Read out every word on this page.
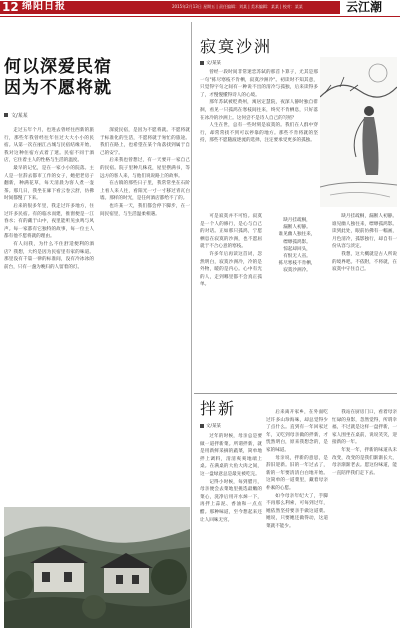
12 绵阳日报	2015年2月13日 星期五 | 责任编辑：刘某 | 美术编辑：某某 | 校对：某某	云江潮
何以深爱民宿
因为不愿将就
文/某某

走过五年个月，也进去曾经往西新的旅行，那些年我曾经往年住过大大小小的民宿。从第一次在丽江古城与民宿结缘开始，我对这种住宿方式着了迷。民宿不同于酒店，它住着主人的性格与生活的温度。

最早的记忆，是在一家小小的院落。主人是一位辞去都市工作的女子，她把老房子翻新，种满花草，每天清晨为客人煮一壶茶。那几日，我坐在廊下看云卷云舒，仿佛时间都慢了下来。

后来的很多年里，我走过许多地方，住过许多民宿。有的临水而建，推窗便是一江春水；有的藏于山中，夜里能听见虫鸣与风声。每一家都有它独特的故事，每一位主人都有他不愿将就的理由。

有人问我，为什么不住舒适便利的酒店？我想，大约是因为民宿里有家的味道。那里没有千篇一律的标准间，没有冷冰冰的前台，只有一盏为晚归的人留着的灯。

深爱民宿，是因为不愿将就。不愿将就于标准化的生活，不愿将就于匆忙的旅途。我们在路上，也希望在某个角落找到属于自己的安宁。

后来我也曾想过，有一天要开一家自己的民宿。院子里种几株花，屋里摆满书，等远方的客人来，与他们说说路上的故事。

在古镇的那些日子里，我常常坐在石阶上看人来人往，看阳光一寸一寸移过青瓦白墙。那样的时光，是任何酒店都给不了的。

也许某一天，我们都会停下脚步，在一间民宿里，与生活温柔相遇。

寂寞沙洲
文/某某

曾经一段时间非常迷恋苏轼的那首卜算子，尤其是那一句"拣尽寒枝不肯栖，寂寞沙洲冷"。初读时不知其意，只觉得字句之间有一种说不出的清冷与孤独，后来读得多了，才慢慢懂得诗人的心境。

那年苏轼被贬黄州，寓居定慧院，夜深人静时独自徘徊，看见一只孤鸿在寒枝间往来，终究不肯栖息，只好落在冰冷的沙洲上。这何尝不是诗人自己的写照？

人生在世，总有一些时刻是寂寞的。我们在人群中穿行，却常常找不到可以停靠的地方。那些不肯将就的坚持，那些不愿随波逐流的选择，注定要承受更多的孤独。

可是寂寞并不可怕。寂寞是一个人的修行，是心与自己的对话。正如那只孤鸿，宁愿栖息在寂寞的沙洲，也不愿屈就于不合心意的寒枝。

许多年后再读这首词，忽然明白，寂寞沙洲冷，冷的是外物，暖的是内心。心中有光的人，走到哪里都不会真正孤单。

缺月挂疏桐，
漏断人初静。
谁见幽人独往来，
缥缈孤鸿影。
惊起却回头，
有恨无人省。
拣尽寒枝不肯栖，
寂寞沙洲冷。

缺月挂疏桐，漏断人初静。谁见幽人独往来，缥缈孤鸿影。读到此处，眼前仿佛有一幅画，月色清冷，孤影独行，却自有一份从容与淡定。

我想，这大概就是古人所说的境界吧。不依附，不将就，在寂寞中守住自己。

拌新
文/某某

过年的时候，母亲总是要做一道拌新菜。所谓拌新，就是用新鲜采摘的蔬菜，简单地拌上调料，清清爽爽地端上桌。在满桌的大鱼大肉之间，这一盘绿意总是最先被吃完。

记得小时候，每到腊月，母亲便会去菜地里挑选最嫩的菜心，洗净后用开水焯一下，再拌上蒜泥、香油和一点点醋。那种味道，至今想起来还让人回味无穷。

后来离开家乡，在外面吃过许多山珍海味，却总觉得少了点什么。直到有一年回家过年，又吃到母亲做的拌新，才恍然明白，原来我想念的，是家的味道。

母亲说，拌新的意思，是辞旧迎新。旧的一年过去了，新的一年要清清白白地开始。这简单的一道菜里，藏着母亲朴素的心愿。

如今母亲年纪大了，手脚不再那么利索，可每到过年，她依然坚持要亲手做这道菜。她说，只要她还做得动，这道菜就不能少。

我站在厨房门口，看着母亲忙碌的身影，忽然觉得，所谓幸福，不过就是这样一盘拌新，一家人围坐在桌前，说说笑笑，迎接新的一年。

年复一年，拌新的味道从未改变，改变的是我们渐渐长大，母亲渐渐老去。愿这份味道，能一直陪伴我们走下去。
